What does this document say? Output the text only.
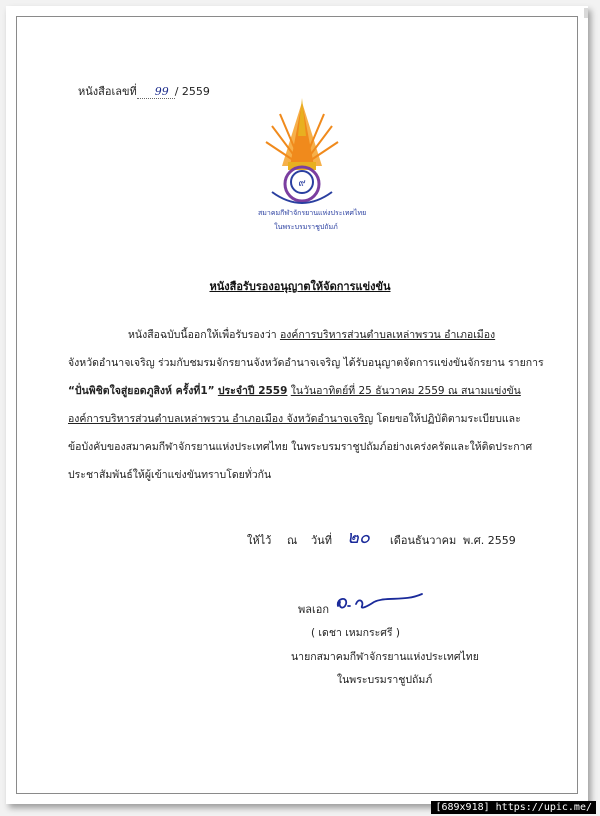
หนังสือเลขที่ 99 / 2559
๙
สมาคมกีฬาจักรยานแห่งประเทศไทย
ในพระบรมราชูปถัมภ์
หนังสือรับรองอนุญาตให้จัดการแข่งขัน
หนังสือฉบับนี้ออกให้เพื่อรับรองว่า องค์การบริหารส่วนตำบลเหล่าพรวน อำเภอเมือง
จังหวัดอำนาจเจริญ ร่วมกับชมรมจักรยานจังหวัดอำนาจเจริญ ได้รับอนุญาตจัดการแข่งขันจักรยาน รายการ
“ปั่นพิชิตใจสู่ยอดภูสิงห์ ครั้งที่1” ประจำปี 2559 ในวันอาทิตย์ที่ 25 ธันวาคม 2559 ณ สนามแข่งขัน
องค์การบริหารส่วนตำบลเหล่าพรวน อำเภอเมือง จังหวัดอำนาจเจริญ โดยขอให้ปฏิบัติตามระเบียบและ
ข้อบังคับของสมาคมกีฬาจักรยานแห่งประเทศไทย ในพระบรมราชูปถัมภ์อย่างเคร่งครัดและให้ติดประกาศ
ประชาสัมพันธ์ให้ผู้เข้าแข่งขันทราบโดยทั่วกัน
ให้ไว้ ณ วันที่ ๒๐ เดือนธันวาคม พ.ศ. 2559
พลเอก
( เดชา เหมกระศรี )
นายกสมาคมกีฬาจักรยานแห่งประเทศไทย
ในพระบรมราชูปถัมภ์
[689x918] https://upic.me/
